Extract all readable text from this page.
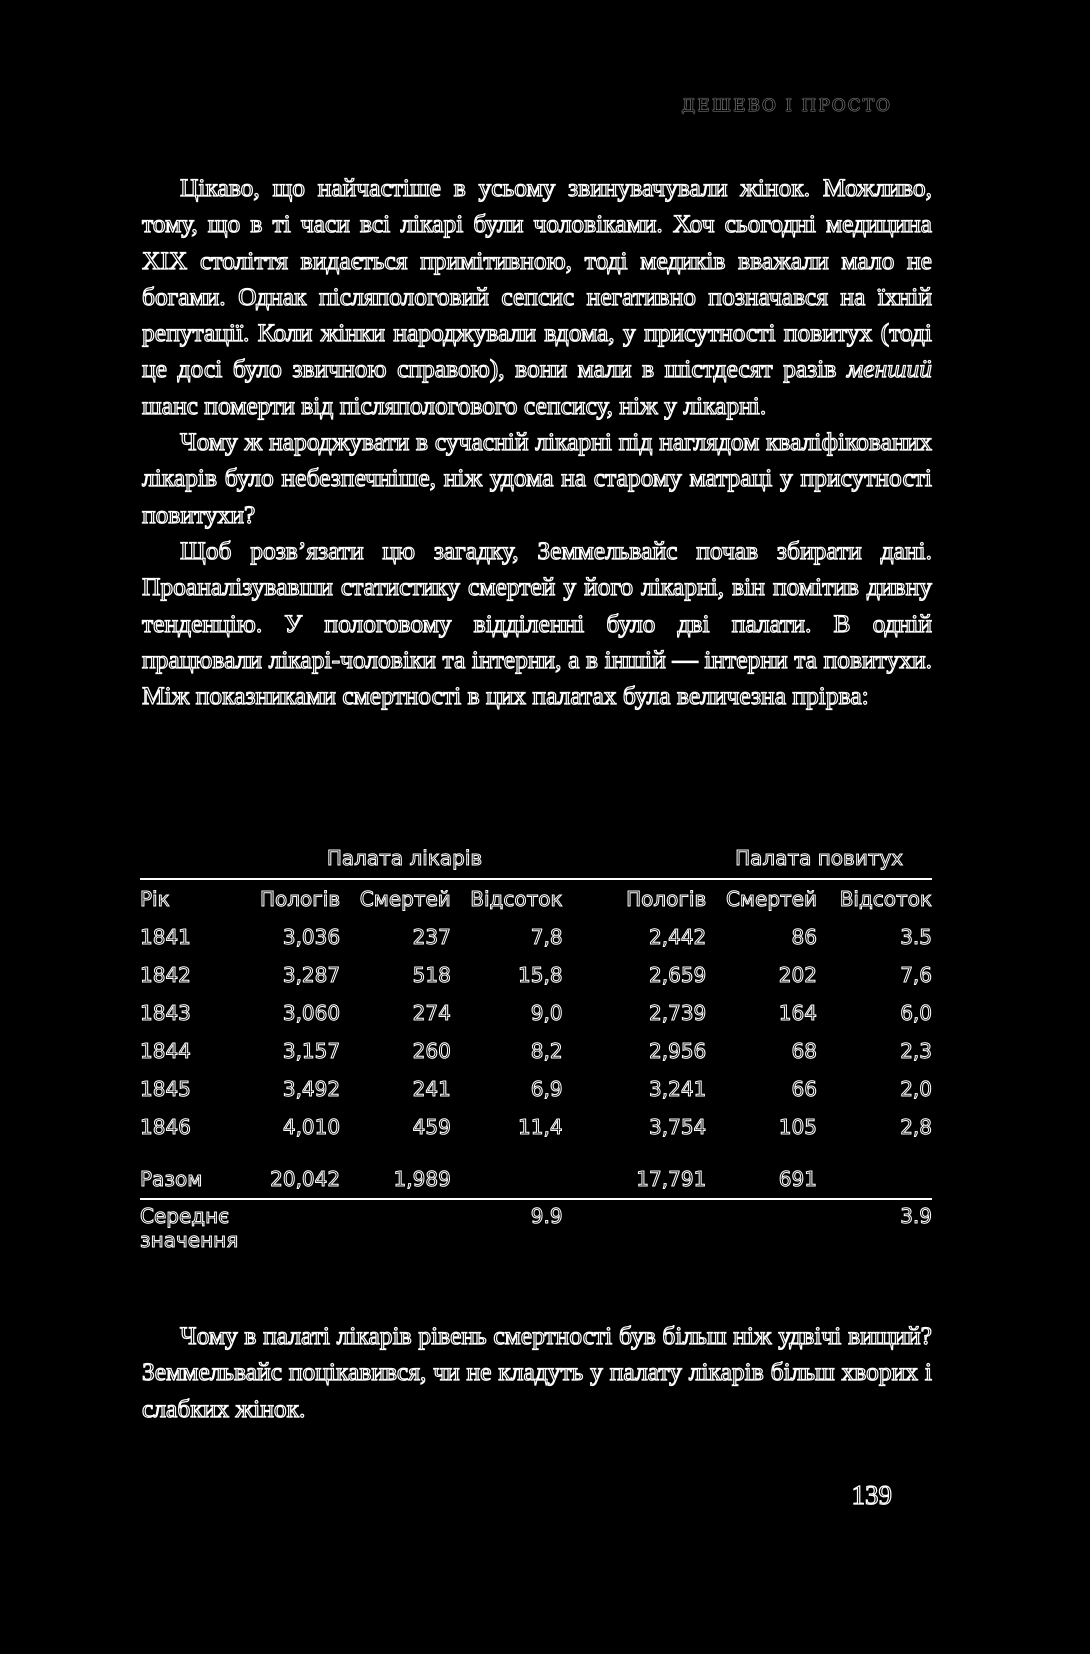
ДЕШЕВО І ПРОСТО

Цікаво, що найчастіше в усьому звинувачували жінок. Можливо, тому, що в ті часи всі лікарі були чоловіками. Хоч сьогодні медицина XIX століття видається примітивною, тоді медиків вважали мало не богами. Однак післяпологовий сепсис негативно позначався на їхній репутації. Коли жінки народжували вдома, у присутності повитух (тоді це досі було звичною справою), вони мали в шістдесят разів меншиӥ шанс померти від післяпологового сепсису, ніж у лікарні.

Чому ж народжувати в сучасній лікарні під наглядом кваліфікованих лікарів було небезпечніше, ніж удома на старому матраці у присутності повитухи?

Щоб розв’язати цю загадку, Земмельвайс почав збирати дані. Проаналізувавши статистику смертей у його лікарні, він помітив дивну тенденцію. У пологовому відділенні було дві палати. В одній працювали лікарі-чоловіки та інтерни, а в іншій — інтерни та повитухи. Між показниками смертності в цих палатах була величезна прірва:

	Палата лікарів				Палата повитух	
Рік	Пологів	Смертей	Відсоток	Пологів	Смертей	Відсоток
1841	3,036	237	7,8	2,442	86	3.5
1842	3,287	518	15,8	2,659	202	7,6
1843	3,060	274	9,0	2,739	164	6,0
1844	3,157	260	8,2	2,956	68	2,3
1845	3,492	241	6,9	3,241	66	2,0
1846	4,010	459	11,4	3,754	105	2,8
Разом	20,042	1,989		17,791	691	
Середнє
значення			9.9			3.9

Чому в палаті лікарів рівень смертності був більш ніж удвічі вищий? Земмельвайс поцікавився, чи не кладуть у палату лікарів більш хворих і слабких жінок.

139
